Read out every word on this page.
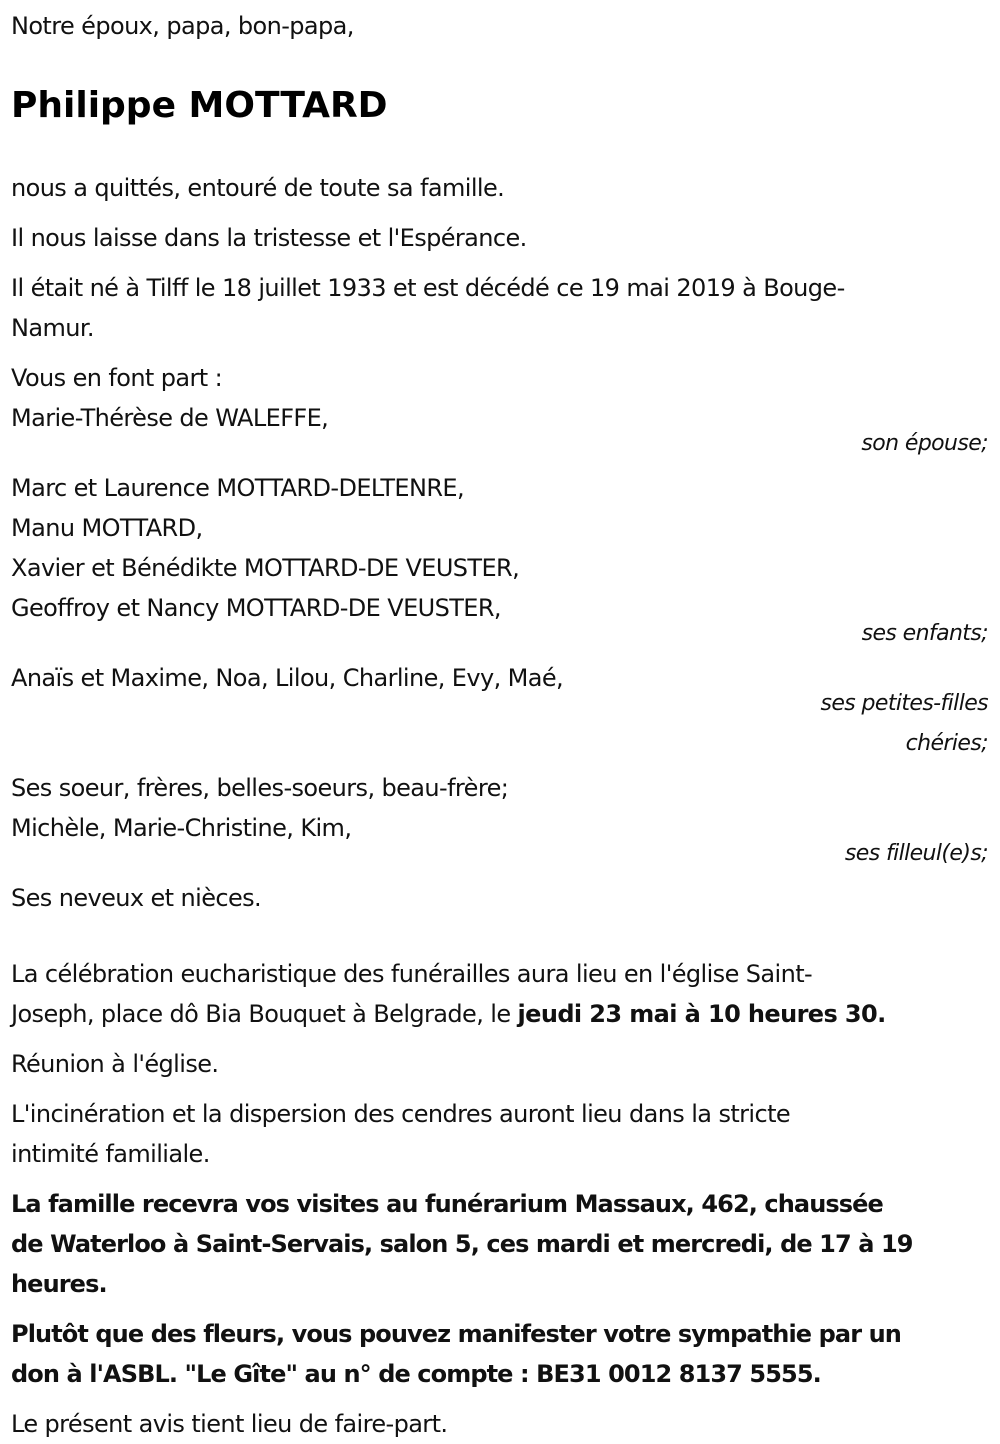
Notre époux, papa, bon-papa,

Philippe MOTTARD

nous a quittés, entouré de toute sa famille.

Il nous laisse dans la tristesse et l'Espérance.

Il était né à Tilff le 18 juillet 1933 et est décédé ce 19 mai 2019 à Bouge-

Namur.

Vous en font part :

Marie-Thérèse de WALEFFE,

son épouse;

Marc et Laurence MOTTARD-DELTENRE,

Manu MOTTARD,

Xavier et Bénédikte MOTTARD-DE VEUSTER,

Geoffroy et Nancy MOTTARD-DE VEUSTER,

ses enfants;

Anaïs et Maxime, Noa, Lilou, Charline, Evy, Maé,

ses petites-filles

chéries;

Ses soeur, frères, belles-soeurs, beau-frère;

Michèle, Marie-Christine, Kim,

ses filleul(e)s;

Ses neveux et nièces.

La célébration eucharistique des funérailles aura lieu en l'église Saint-

Joseph, place dô Bia Bouquet à Belgrade, le jeudi 23 mai à 10 heures 30.

Réunion à l'église.

L'incinération et la dispersion des cendres auront lieu dans la stricte

intimité familiale.

La famille recevra vos visites au funérarium Massaux, 462, chaussée

de Waterloo à Saint-Servais, salon 5, ces mardi et mercredi, de 17 à 19

heures.

Plutôt que des fleurs, vous pouvez manifester votre sympathie par un

don à l'ASBL. "Le Gîte" au n° de compte : BE31 0012 8137 5555.

Le présent avis tient lieu de faire-part.
